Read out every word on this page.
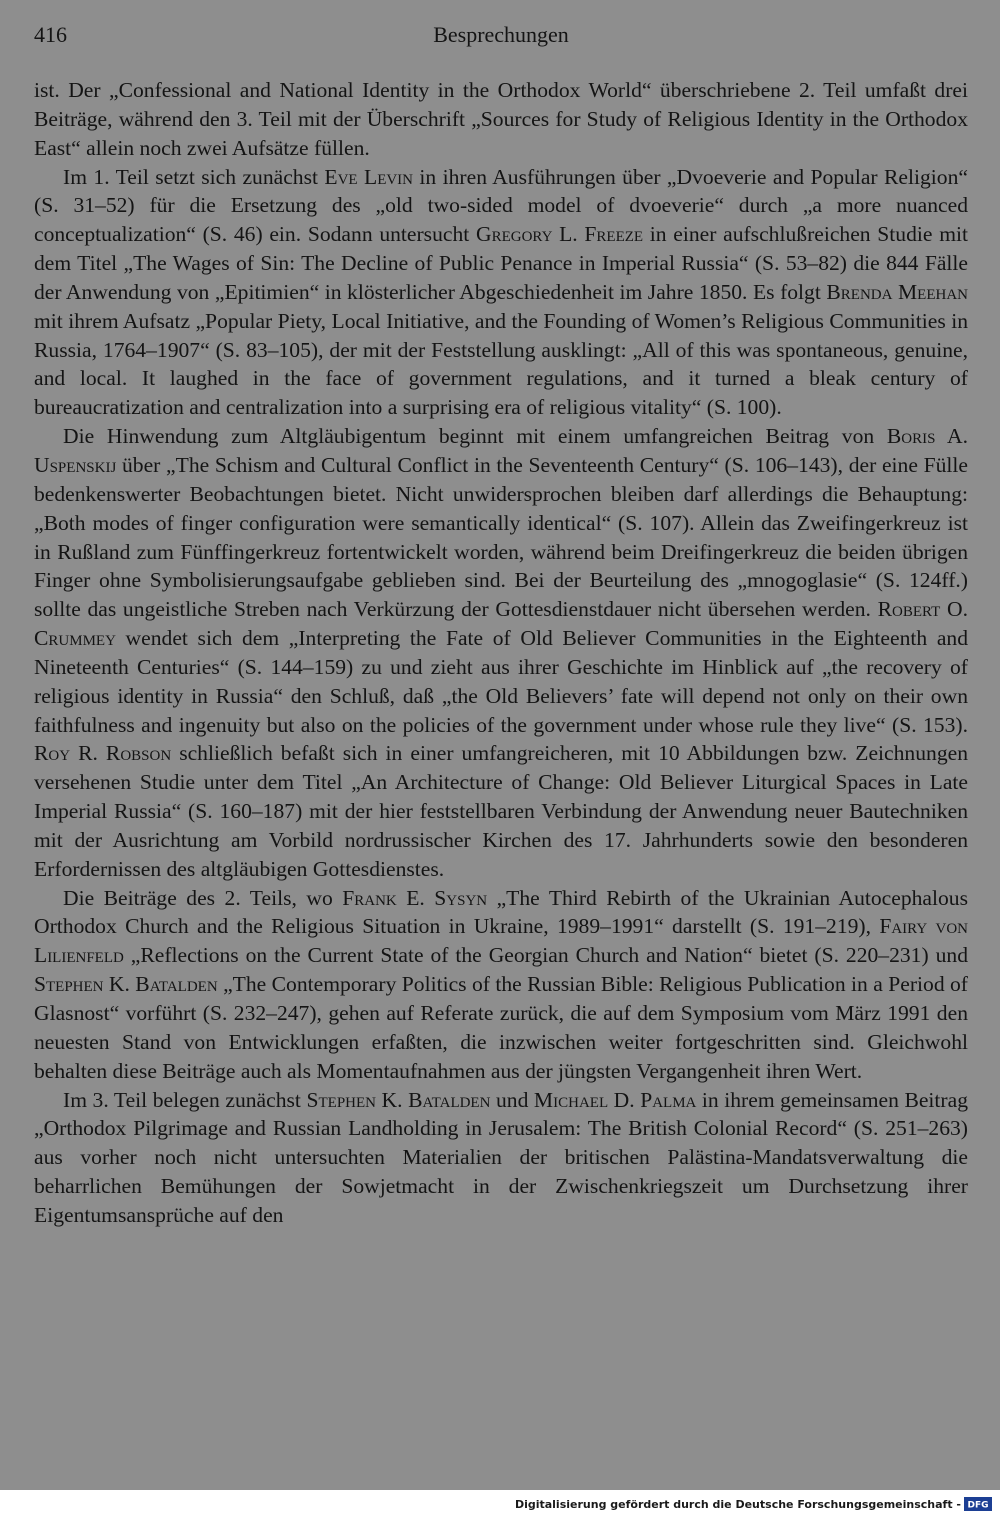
416	Besprechungen

ist. Der „Confessional and National Identity in the Orthodox World“ überschriebene 2. Teil umfaßt drei Beiträge, während den 3. Teil mit der Überschrift „Sources for Study of Religious Identity in the Orthodox East“ allein noch zwei Aufsätze füllen.

Im 1. Teil setzt sich zunächst Eve Levin in ihren Ausführungen über „Dvoeverie and Popular Religion“ (S. 31–52) für die Ersetzung des „old two-sided model of dvoeverie“ durch „a more nuanced conceptualization“ (S. 46) ein. Sodann untersucht Gregory L. Freeze in einer aufschlußreichen Studie mit dem Titel „The Wages of Sin: The Decline of Public Penance in Imperial Russia“ (S. 53–82) die 844 Fälle der Anwendung von „Epitimien“ in klösterlicher Abgeschiedenheit im Jahre 1850. Es folgt Brenda Meehan mit ihrem Aufsatz „Popular Piety, Local Initiative, and the Founding of Women’s Religious Communities in Russia, 1764–1907“ (S. 83–105), der mit der Feststellung ausklingt: „All of this was spontaneous, genuine, and local. It laughed in the face of government regulations, and it turned a bleak century of bureaucratization and centralization into a surprising era of religious vitality“ (S. 100).

Die Hinwendung zum Altgläubigentum beginnt mit einem umfangreichen Beitrag von Boris A. Uspenskij über „The Schism and Cultural Conflict in the Seventeenth Century“ (S. 106–143), der eine Fülle bedenkenswerter Beobachtungen bietet. Nicht unwidersprochen bleiben darf allerdings die Behauptung: „Both modes of finger configuration were semantically identical“ (S. 107). Allein das Zweifingerkreuz ist in Rußland zum Fünffingerkreuz fortentwickelt worden, während beim Dreifingerkreuz die beiden übrigen Finger ohne Symbolisierungsaufgabe geblieben sind. Bei der Beurteilung des „mnogoglasie“ (S. 124ff.) sollte das ungeistliche Streben nach Verkürzung der Gottesdienstdauer nicht übersehen werden. Robert O. Crummey wendet sich dem „Interpreting the Fate of Old Believer Communities in the Eighteenth and Nineteenth Centuries“ (S. 144–159) zu und zieht aus ihrer Geschichte im Hinblick auf „the recovery of religious identity in Russia“ den Schluß, daß „the Old Believers’ fate will depend not only on their own faithfulness and ingenuity but also on the policies of the government under whose rule they live“ (S. 153). Roy R. Robson schließlich befaßt sich in einer umfangreicheren, mit 10 Abbildungen bzw. Zeichnungen versehenen Studie unter dem Titel „An Architecture of Change: Old Believer Liturgical Spaces in Late Imperial Russia“ (S. 160–187) mit der hier feststellbaren Verbindung der Anwendung neuer Bautechniken mit der Ausrichtung am Vorbild nordrussischer Kirchen des 17. Jahrhunderts sowie den besonderen Erfordernissen des altgläubigen Gottesdienstes.

Die Beiträge des 2. Teils, wo Frank E. Sysyn „The Third Rebirth of the Ukrainian Autocephalous Orthodox Church and the Religious Situation in Ukraine, 1989–1991“ darstellt (S. 191–219), Fairy von Lilienfeld „Reflections on the Current State of the Georgian Church and Nation“ bietet (S. 220–231) und Stephen K. Batalden „The Contemporary Politics of the Russian Bible: Religious Publication in a Period of Glasnost“ vorführt (S. 232–247), gehen auf Referate zurück, die auf dem Symposium vom März 1991 den neuesten Stand von Entwicklungen erfaßten, die inzwischen weiter fortgeschritten sind. Gleichwohl behalten diese Beiträge auch als Momentaufnahmen aus der jüngsten Vergangenheit ihren Wert.

Im 3. Teil belegen zunächst Stephen K. Batalden und Michael D. Palma in ihrem gemeinsamen Beitrag „Orthodox Pilgrimage and Russian Landholding in Jerusalem: The British Colonial Record“ (S. 251–263) aus vorher noch nicht untersuchten Materialien der britischen Palästina-Mandatsverwaltung die beharrlichen Bemühungen der Sowjetmacht in der Zwischenkriegszeit um Durchsetzung ihrer Eigentumsansprüche auf den

Digitalisierung gefördert durch die Deutsche Forschungsgemeinschaft - DFG
